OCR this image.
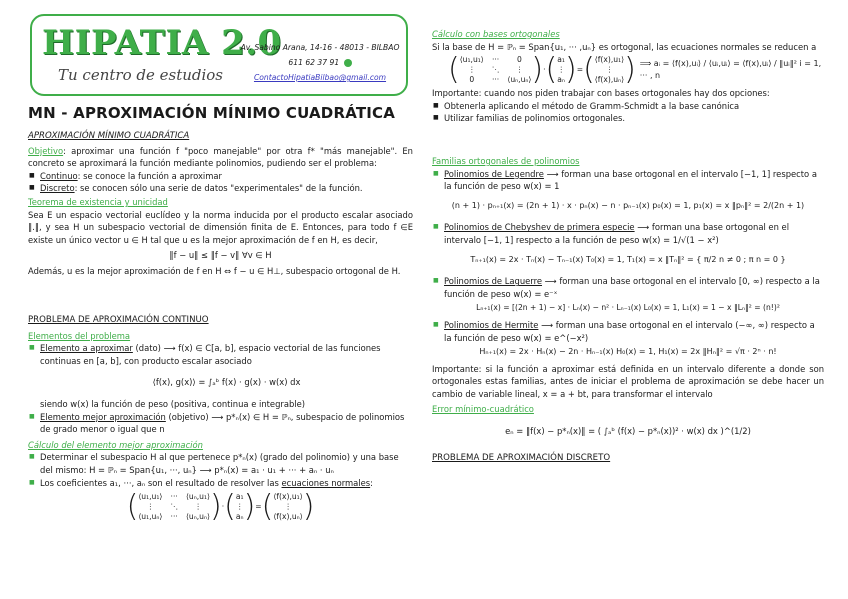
HIPATIA 2.0
Tu centro de estudios
Av. Sabino Arana, 14-16 - 48013 - BILBAO
611 62 37 91
ContactoHipatiaBilbao@gmail.com
MN - APROXIMACIÓN MÍNIMO CUADRÁTICA
APROXIMACIÓN MÍNIMO CUADRÁTICA

Objetivo: aproximar una función f "poco manejable" por otra f* "más manejable". En concreto se aproximará la función mediante polinomios, pudiendo ser el problema:

■ Continuo: se conoce la función a aproximar
■ Discreto: se conocen sólo una serie de datos "experimentales" de la función.
Teorema de existencia y unicidad

Sea E un espacio vectorial euclídeo y la norma inducida por el producto escalar asociado ‖.‖, y sea H un subespacio vectorial de dimensión finita de E. Entonces, para todo f ∈E existe un único vector u ∈ H tal que u es la mejor aproximación de f en H, es decir,

‖f − u‖ ≤ ‖f − v‖ ∀v ∈ H

Además, u es la mejor aproximación de f en H ⇔ f − u ∈ H⊥, subespacio ortogonal de H.

PROBLEMA DE APROXIMACIÓN CONTINUO
Elementos del problema
■ Elemento a aproximar (dato) ⟶ f(x) ∈ C[a, b], espacio vectorial de las funciones continuas en [a, b], con producto escalar asociado
⟨f(x), g(x)⟩ = ∫ₐᵇ f(x) · g(x) · w(x) dx
siendo w(x) la función de peso (positiva, continua e integrable)
■ Elemento mejor aproximación (objetivo) ⟶ p*ₙ(x) ∈ H = ℙₙ, subespacio de polinomios de grado menor o igual que n
Cálculo del elemento mejor aproximación
■ Determinar el subespacio H al que pertenece p*ₙ(x) (grado del polinomio) y una base del mismo: H = ℙₙ = Span{u₁, ···, uₙ} ⟶ p*ₙ(x) = a₁ · u₁ + ··· + aₙ · uₙ
■ Los coeficientes a₁, ···, aₙ son el resultado de resolver las ecuaciones normales:
( ⟨u₁,u₁⟩ ··· ⟨uₙ,u₁⟩
⋮	⋱	⋮
⟨u₁,uₙ⟩ ··· ⟨uₙ,uₙ⟩ ) · ( a₁
⋮
aₙ ) = ( ⟨f(x),u₁⟩
⋮
⟨f(x),uₙ⟩ )
Cálculo con bases ortogonales

Si la base de H = ℙₙ = Span{u₁, ··· ,uₙ} es ortogonal, las ecuaciones normales se reducen a

( ⟨u₁,u₁⟩ ···	0
⋮	⋱	⋮
0	··· ⟨uₙ,uₙ⟩ ) · ( a₁
⋮
aₙ ) = ( ⟨f(x),u₁⟩
⋮
⟨f(x),uₙ⟩ ) ⟹ aᵢ = ⟨f(x),uᵢ⟩ / ⟨uᵢ,uᵢ⟩ = ⟨f(x),uᵢ⟩ / ‖uᵢ‖² i = 1, ··· , n

Importante: cuando nos piden trabajar con bases ortogonales hay dos opciones:

■ Obtenerla aplicando el método de Gramm-Schmidt a la base canónica
■ Utilizar familias de polinomios ortogonales.
Familias ortogonales de polinomios
■ Polinomios de Legendre ⟶ forman una base ortogonal en el intervalo [−1, 1] respecto a la función de peso w(x) = 1
(n + 1) · pₙ₊₁(x) = (2n + 1) · x · pₙ(x) − n · pₙ₋₁(x) p₀(x) = 1, p₁(x) = x ‖pₙ‖² = 2/(2n + 1)
■ Polinomios de Chebyshev de primera especie ⟶ forman una base ortogonal en el intervalo [−1, 1] respecto a la función de peso w(x) = 1/√(1 − x²)
Tₙ₊₁(x) = 2x · Tₙ(x) − Tₙ₋₁(x) T₀(x) = 1, T₁(x) = x ‖Tₙ‖² = { π/2 n ≠ 0 ; π n = 0 }
■ Polinomios de Laguerre ⟶ forman una base ortogonal en el intervalo [0, ∞) respecto a la función de peso w(x) = e⁻ˣ
Lₙ₊₁(x) = [(2n + 1) − x] · Lₙ(x) − n² · Lₙ₋₁(x) L₀(x) = 1, L₁(x) = 1 − x ‖Lₙ‖² = (n!)²
■ Polinomios de Hermite ⟶ forman una base ortogonal en el intervalo (−∞, ∞) respecto a la función de peso w(x) = e^(−x²)
Hₙ₊₁(x) = 2x · Hₙ(x) − 2n · Hₙ₋₁(x) H₀(x) = 1, H₁(x) = 2x ‖Hₙ‖² = √π · 2ⁿ · n!

Importante: si la función a aproximar está definida en un intervalo diferente a donde son ortogonales estas familias, antes de iniciar el problema de aproximación se debe hacer un cambio de variable lineal, x = a + bt, para transformar el intervalo

Error mínimo-cuadrático
eₙ = ‖f(x) − p*ₙ(x)‖ = ( ∫ₐᵇ (f(x) − p*ₙ(x))² · w(x) dx )^(1/2)
PROBLEMA DE APROXIMACIÓN DISCRETO
